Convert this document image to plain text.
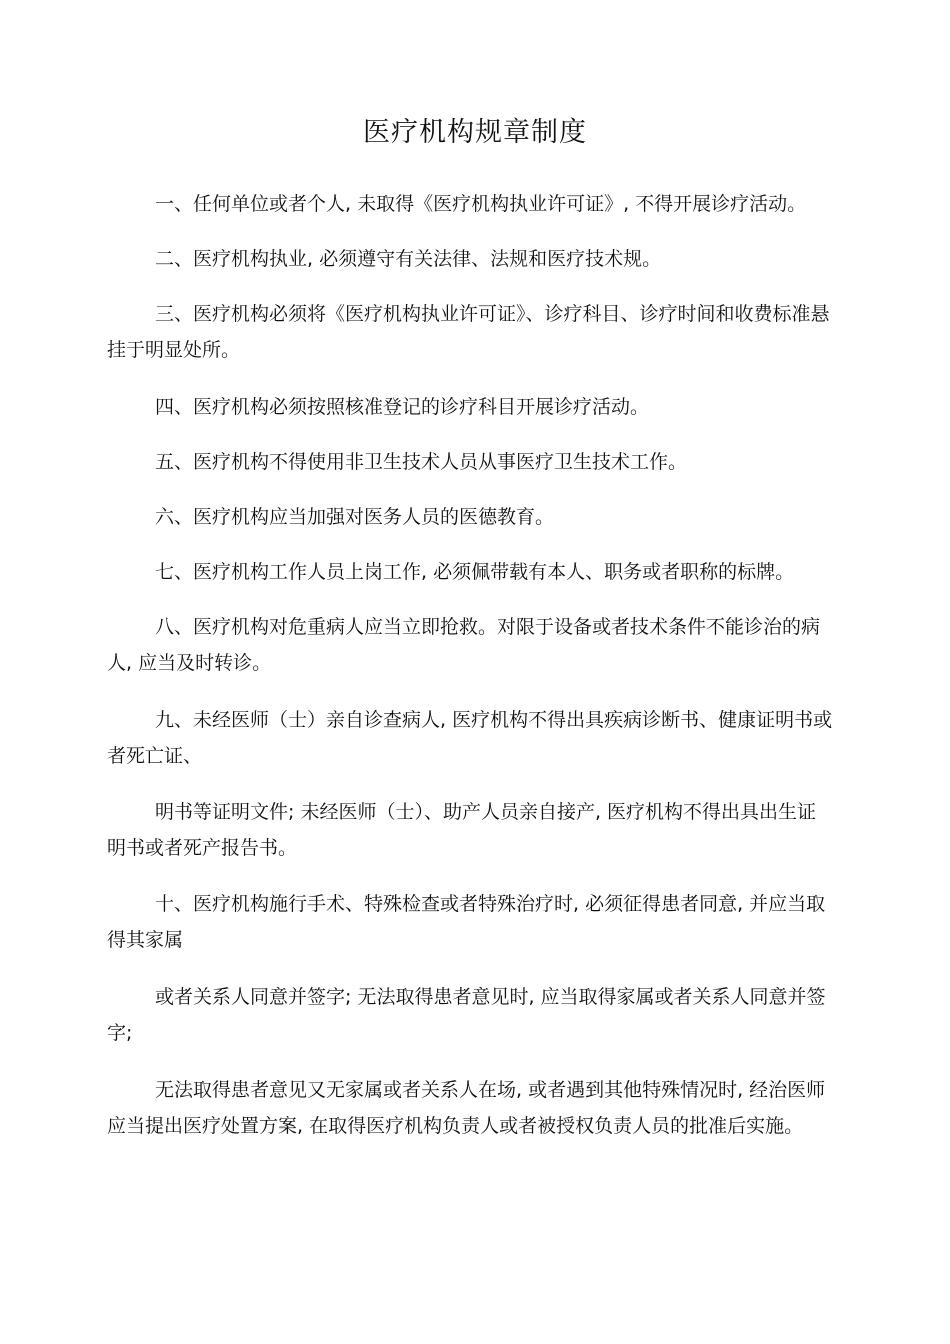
医疗机构规章制度

一、任何单位或者个人, 未取得《医疗机构执业许可证》, 不得开展诊疗活动。

二、医疗机构执业, 必须遵守有关法律、法规和医疗技术规。

三、医疗机构必须将《医疗机构执业许可证》、诊疗科目、诊疗时间和收费标准悬挂于明显处所。

四、医疗机构必须按照核准登记的诊疗科目开展诊疗活动。

五、医疗机构不得使用非卫生技术人员从事医疗卫生技术工作。

六、医疗机构应当加强对医务人员的医德教育。

七、医疗机构工作人员上岗工作, 必须佩带载有本人、职务或者职称的标牌。

八、医疗机构对危重病人应当立即抢救。对限于设备或者技术条件不能诊治的病人, 应当及时转诊。

九、未经医师（士）亲自诊查病人, 医疗机构不得出具疾病诊断书、健康证明书或者死亡证、

明书等证明文件; 未经医师（士）、助产人员亲自接产, 医疗机构不得出具出生证明书或者死产报告书。

十、医疗机构施行手术、特殊检查或者特殊治疗时, 必须征得患者同意, 并应当取得其家属

或者关系人同意并签字; 无法取得患者意见时, 应当取得家属或者关系人同意并签字;

无法取得患者意见又无家属或者关系人在场, 或者遇到其他特殊情况时, 经治医师应当提出医疗处置方案, 在取得医疗机构负责人或者被授权负责人员的批准后实施。
